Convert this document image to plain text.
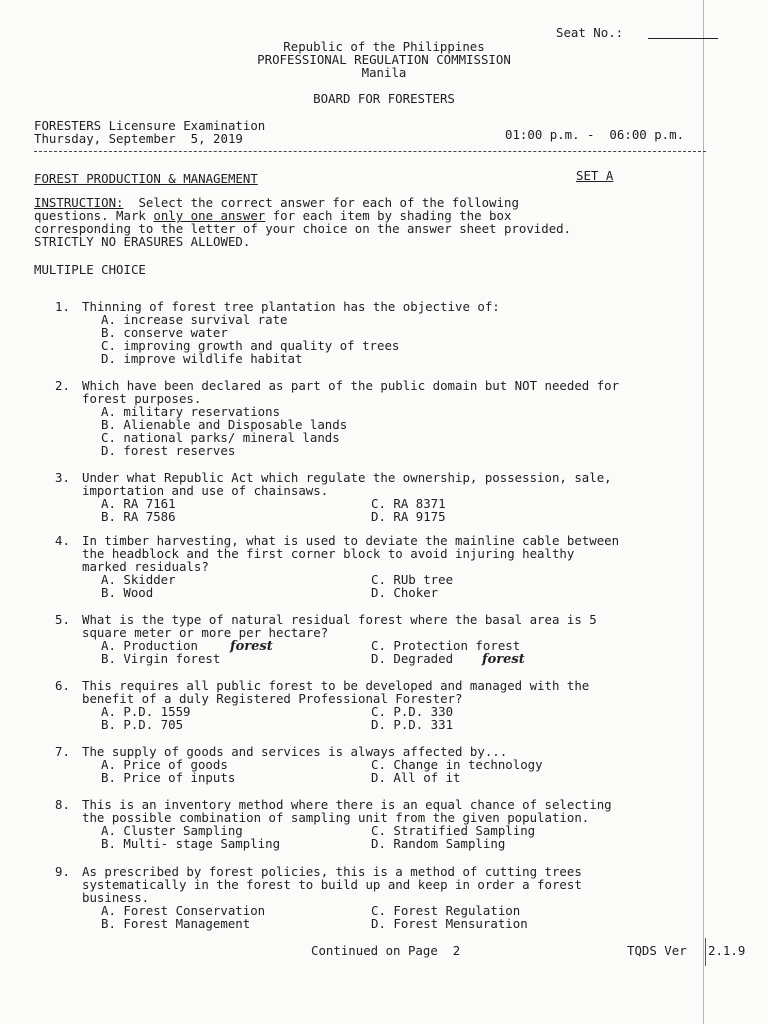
Seat No.:
Republic of the Philippines
PROFESSIONAL REGULATION COMMISSION
Manila
BOARD FOR FORESTERS
FORESTERS Licensure Examination
Thursday, September  5, 2019	01:00 p.m. -  06:00 p.m.
FOREST PRODUCTION & MANAGEMENT	SET A
INSTRUCTION:  Select the correct answer for each of the following
questions. Mark only one answer for each item by shading the box
corresponding to the letter of your choice on the answer sheet provided.
STRICTLY NO ERASURES ALLOWED.
MULTIPLE CHOICE
1. Thinning of forest tree plantation has the objective of:
A. increase survival rate
B. conserve water
C. improving growth and quality of trees
D. improve wildlife habitat
2. Which have been declared as part of the public domain but NOT needed for
forest purposes.
A. military reservations
B. Alienable and Disposable lands
C. national parks/ mineral lands
D. forest reserves
3. Under what Republic Act which regulate the ownership, possession, sale,
importation and use of chainsaws.
A. RA 7161	C. RA 8371
B. RA 7586	D. RA 9175
4. In timber harvesting, what is used to deviate the mainline cable between
the headblock and the first corner block to avoid injuring healthy
marked residuals?
A. Skidder	C. RUb tree
B. Wood	D. Choker
5. What is the type of natural residual forest where the basal area is 5
square meter or more per hectare?
A. Production	C. Protection forest
B. Virgin forest	D. Degraded
6. This requires all public forest to be developed and managed with the
benefit of a duly Registered Professional Forester?
A. P.D. 1559	C. P.D. 330
B. P.D. 705	D. P.D. 331
7. The supply of goods and services is always affected by...
A. Price of goods	C. Change in technology
B. Price of inputs	D. All of it
8. This is an inventory method where there is an equal chance of selecting
the possible combination of sampling unit from the given population.
A. Cluster Sampling	C. Stratified Sampling
B. Multi- stage Sampling	D. Random Sampling
9. As prescribed by forest policies, this is a method of cutting trees
systematically in the forest to build up and keep in order a forest
business.
A. Forest Conservation	C. Forest Regulation
B. Forest Management	D. Forest Mensuration
forest
forest
Continued on Page  2	TQDS Ver 2.1.9
